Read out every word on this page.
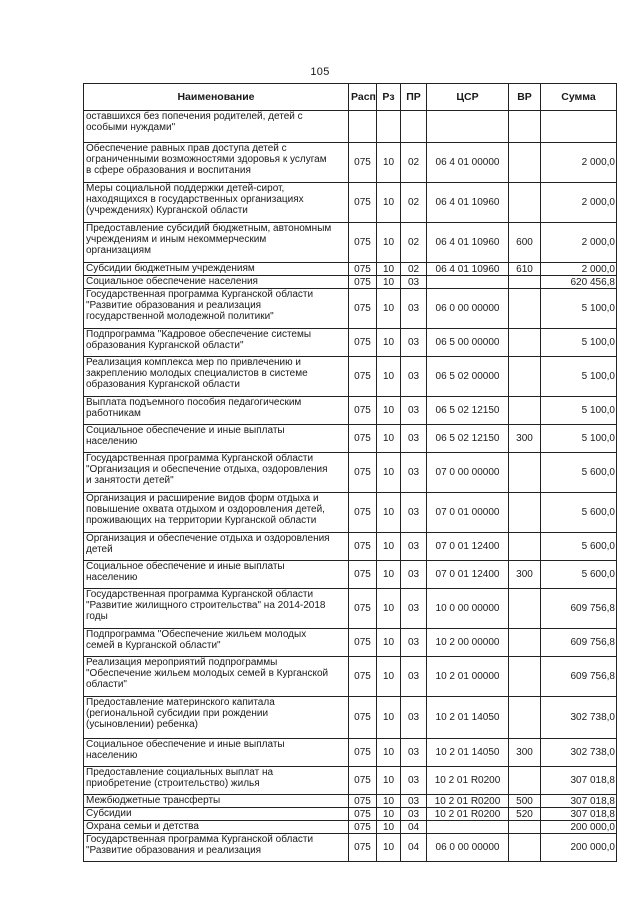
105
Наименование	Расп	Рз	ПР	ЦСР	ВР	Сумма

оставшихся без попечения родителей, детей с
особыми нуждами"						

Обеспечение равных прав доступа детей с
ограниченными возможностями здоровья к услугам
в сфере образования и воспитания	075	10	02	06 4 01 00000		2 000,0

Меры социальной поддержки детей-сирот,
находящихся в государственных организациях
(учреждениях) Курганской области	075	10	02	06 4 01 10960		2 000,0

Предоставление субсидий бюджетным, автономным
учреждениям и иным некоммерческим
организациям	075	10	02	06 4 01 10960	600	2 000,0

Субсидии бюджетным учреждениям	075	10	02	06 4 01 10960	610	2 000,0

Социальное обеспечение населения	075	10	03			620 456,8

Государственная программа Курганской области
"Развитие образования и реализация
государственной молодежной политики"	075	10	03	06 0 00 00000		5 100,0

Подпрограмма "Кадровое обеспечение системы
образования Курганской области"	075	10	03	06 5 00 00000		5 100,0

Реализация комплекса мер по привлечению и
закреплению молодых специалистов в системе
образования Курганской области	075	10	03	06 5 02 00000		5 100,0

Выплата подъемного пособия педагогическим
работникам	075	10	03	06 5 02 12150		5 100,0

Социальное обеспечение и иные выплаты
населению	075	10	03	06 5 02 12150	300	5 100,0

Государственная программа Курганской области
"Организация и обеспечение отдыха, оздоровления
и занятости детей"	075	10	03	07 0 00 00000		5 600,0

Организация и расширение видов форм отдыха и
повышение охвата отдыхом и оздоровления детей,
проживающих на территории Курганской области	075	10	03	07 0 01 00000		5 600,0

Организация и обеспечение отдыха и оздоровления
детей	075	10	03	07 0 01 12400		5 600,0

Социальное обеспечение и иные выплаты
населению	075	10	03	07 0 01 12400	300	5 600,0

Государственная программа Курганской области
"Развитие жилищного строительства" на 2014-2018
годы	075	10	03	10 0 00 00000		609 756,8

Подпрограмма "Обеспечение жильем молодых
семей в Курганской области"	075	10	03	10 2 00 00000		609 756,8

Реализация мероприятий подпрограммы
"Обеспечение жильем молодых семей в Курганской
области"	075	10	03	10 2 01 00000		609 756,8

Предоставление материнского капитала
(региональной субсидии при рождении
(усыновлении) ребенка)	075	10	03	10 2 01 14050		302 738,0

Социальное обеспечение и иные выплаты
населению	075	10	03	10 2 01 14050	300	302 738,0

Предоставление социальных выплат на
приобретение (строительство) жилья	075	10	03	10 2 01 R0200		307 018,8

Межбюджетные трансферты	075	10	03	10 2 01 R0200	500	307 018,8

Субсидии	075	10	03	10 2 01 R0200	520	307 018,8

Охрана семьи и детства	075	10	04			200 000,0

Государственная программа Курганской области
"Развитие образования и реализация	075	10	04	06 0 00 00000		200 000,0
